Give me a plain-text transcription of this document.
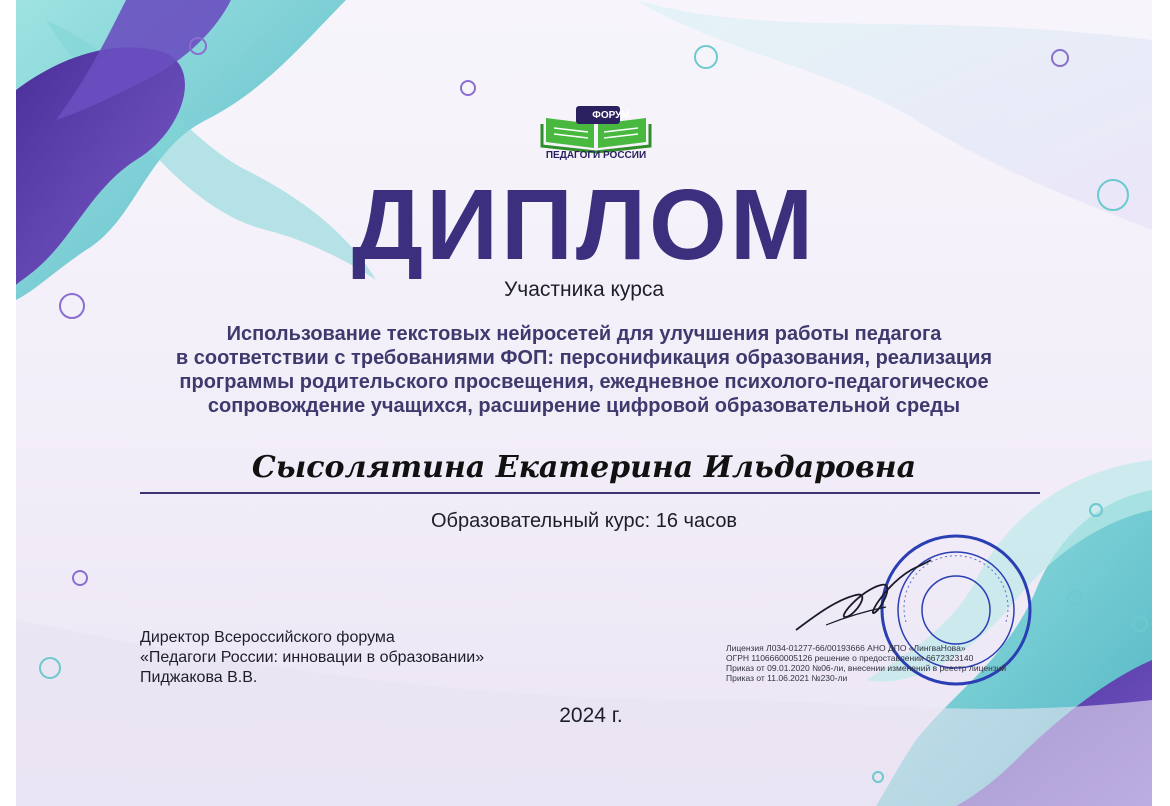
ФОРУМ
ПЕДАГОГИ РОССИИ
ДИПЛОМ
Участника курса
Использование текстовых нейросетей для улучшения работы педагога
в соответствии с требованиями ФОП: персонификация образования, реализация
программы родительского просвещения, ежедневное психолого-педагогическое
сопровождение учащихся, расширение цифровой образовательной среды
Сысолятина Екатерина Ильдаровна
Образовательный курс: 16 часов
Директор Всероссийского форума
«Педагоги России: инновации в образовании»
Пиджакова В.В.
Лицензия Л034-01277-66/00193666 АНО ДПО «ЛингваНова»
ОГРН 1106660005126 решение о предоставлении 6672323140
Приказ от 09.01.2020 №06-ли, внесении изменений в реестр лицензий
Приказ от 11.06.2021 №230-ли
2024 г.
